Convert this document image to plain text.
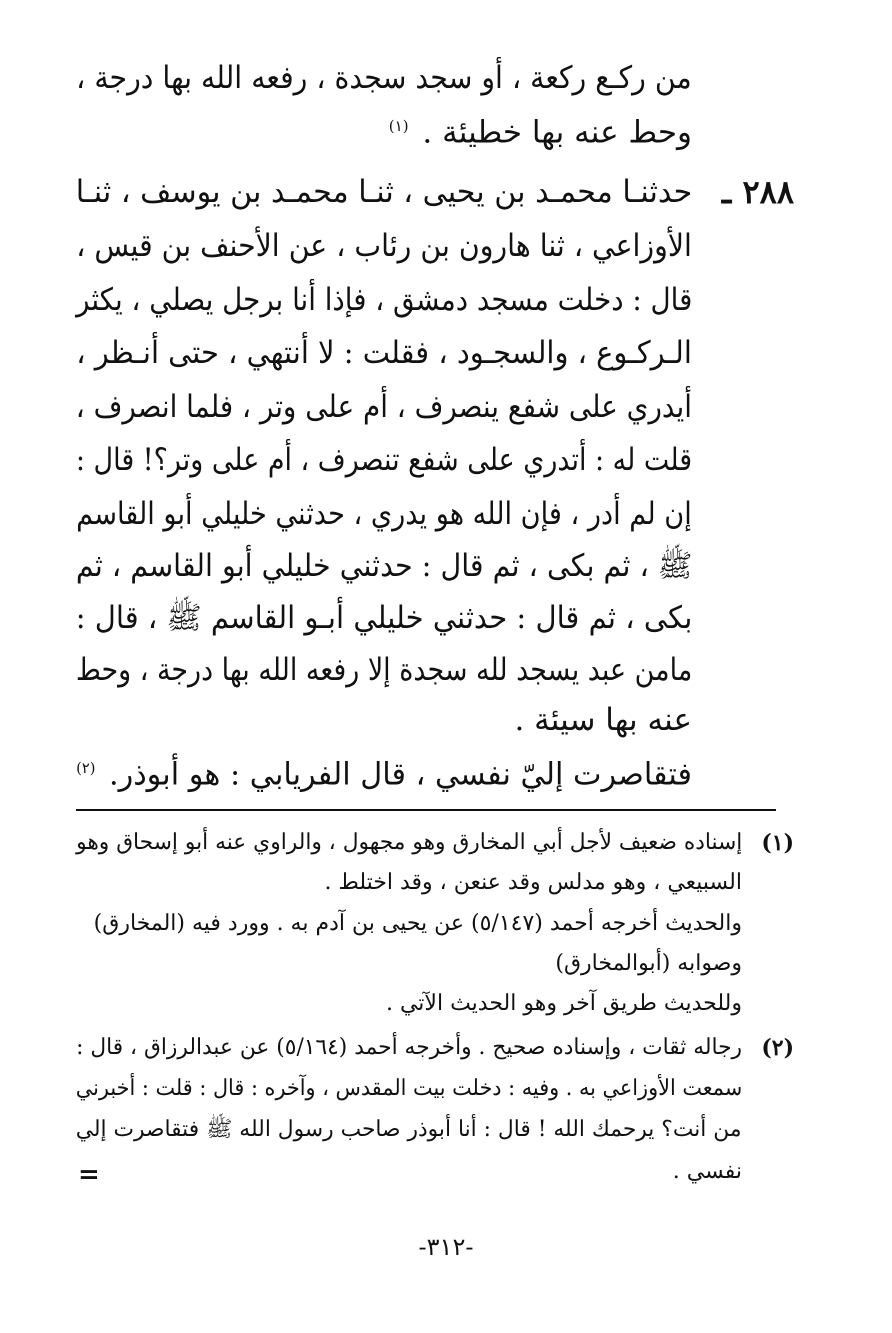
من ركـع ركعة ، أو سجد سجدة ، رفعه الله بها درجة ،
وحط عنه بها خطيئة . $^{(١)}$
٢٨٨ ـ
حدثنـا محمـد بن يحيى ، ثنـا محمـد بن يوسف ، ثنـا
الأوزاعي ، ثنا هارون بن رئاب ، عن الأحنف بن قيس ،
قال : دخلت مسجد دمشق ، فإذا أنا برجل يصلي ، يكثر
الـركـوع ، والسجـود ، فقلت : لا أنتهي ، حتى أنـظر ،
أيدري على شفع ينصرف ، أم على وتر ، فلما انصرف ،
قلت له : أتدري على شفع تنصرف ، أم على وتر؟! قال :
إن لم أدر ، فإن الله هو يدري ، حدثني خليلي أبو القاسم
ﷺ ، ثم بكى ، ثم قال : حدثني خليلي أبو القاسم ، ثم
بكى ، ثم قال : حدثني خليلي أبـو القاسم ﷺ ، قال :
مامن عبد يسجد لله سجدة إلا رفعه الله بها درجة ، وحط
عنه بها سيئة .
فتقاصرت إليّ نفسي ، قال الفريابي : هو أبوذر. $^{(٢)}$
(١)
إسناده ضعيف لأجل أبي المخارق وهو مجهول ، والراوي عنه أبو إسحاق وهو
السبيعي ، وهو مدلس وقد عنعن ، وقد اختلط .
والحديث أخرجه أحمد (٥/١٤٧) عن يحيى بن آدم به . وورد فيه (المخارق)
وصوابه (أبوالمخارق)
وللحديث طريق آخر وهو الحديث الآتي .
(٢)
رجاله ثقات ، وإسناده صحيح . وأخرجه أحمد (٥/١٦٤) عن عبدالرزاق ، قال :
سمعت الأوزاعي به . وفيه : دخلت بيت المقدس ، وآخره : قال : قلت : أخبرني
من أنت؟ يرحمك الله ! قال : أنا أبوذر صاحب رسول الله ﷺ فتقاصرت إلي
نفسي .
=
-٣١٢-
